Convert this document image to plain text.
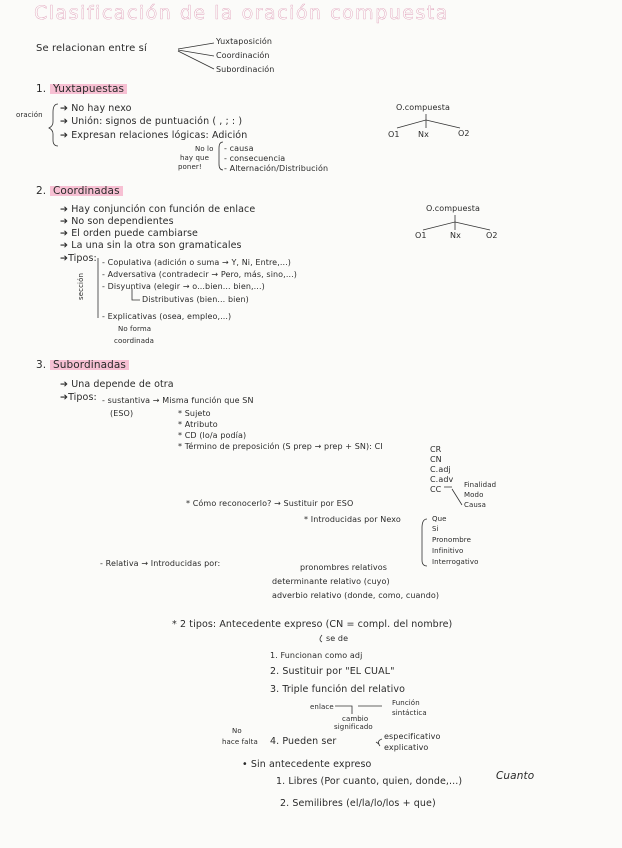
Clasificación de la oración compuesta
Se relacionan entre sí
Yuxtaposición
Coordinación
Subordinación
1. Yuxtapuestas
oración
➔ No hay nexo
➔ Unión: signos de puntuación ( , ; : )
➔ Expresan relaciones lógicas: Adición
- causa
- consecuencia
- Alternación/Distribución
No lo
hay que
poner!
O.compuesta
O1 Nx	O2
2. Coordinadas
➔ Hay conjunción con función de enlace
➔ No son dependientes
➔ El orden puede cambiarse
➔ La una sin la otra son gramaticales
➔Tipos:
sección
- Copulativa (adición o suma → Y, Ni, Entre,...)
- Adversativa (contradecir → Pero, más, sino,...)
- Disyuntiva (elegir → o...bien... bien,...)
Distributivas (bien... bien)
- Explicativas (osea, empleo,...)
No forma
coordinada
O.compuesta
O1	Nx	O2
3. Subordinadas
➔ Una depende de otra
➔Tipos: - sustantiva → Misma función que SN
(ESO)	* Sujeto
* Atributo
* CD (lo/a podía)
* Término de preposición (S prep → prep + SN): CI	CR
CN
C.adj
C.adv
CC	Finalidad
Modo
Causa
* Cómo reconocerlo? → Sustituir por ESO
* Introducidas por Nexo	Que
Si
Pronombre
Infinitivo
Interrogativo
- Relativa → Introducidas por:	pronombres relativos
determinante relativo (cuyo)
adverbio relativo (donde, como, cuando)
* 2 tipos: Antecedente expreso (CN = compl. del nombre)
se de
1. Funcionan como adj
2. Sustituir por "EL CUAL"
3. Triple función del relativo
enlace	Función
sintáctica
cambio
significado
No
hace falta 4. Pueden ser	especificativo
explicativo
• Sin antecedente expreso
1. Libres (Por cuanto, quien, donde,...)	Cuanto
2. Semilibres (el/la/lo/los + que)
